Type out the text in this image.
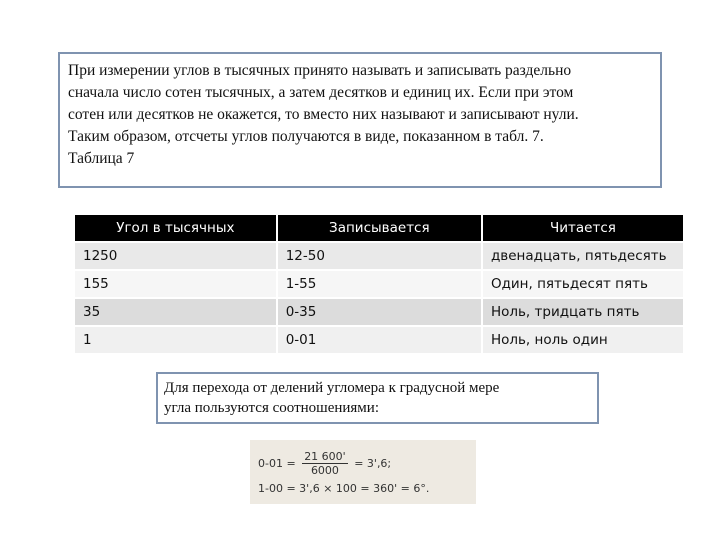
При измерении углов в тысячных принято называть и записывать раздельно
сначала число сотен тысячных, а затем десятков и единиц их. Если при этом
сотен или десятков не окажется, то вместо них называют и записывают нули.
Таким образом, отсчеты углов получаются в виде, показанном в табл. 7.
Таблица 7
Угол в тысячных	Записывается	Читается
1250	12-50	двенадцать, пятьдесять
155	1-55	Один, пятьдесят пять
35	0-35	Ноль, тридцать пять
1	0-01	Ноль, ноль один
Для перехода от делений угломера к градусной мере
угла пользуются соотношениями:
$0-01 = \frac{21 600'}{6000} = 3',6$;
1-00 = 3',6 × 100 = 360' = 6°.
